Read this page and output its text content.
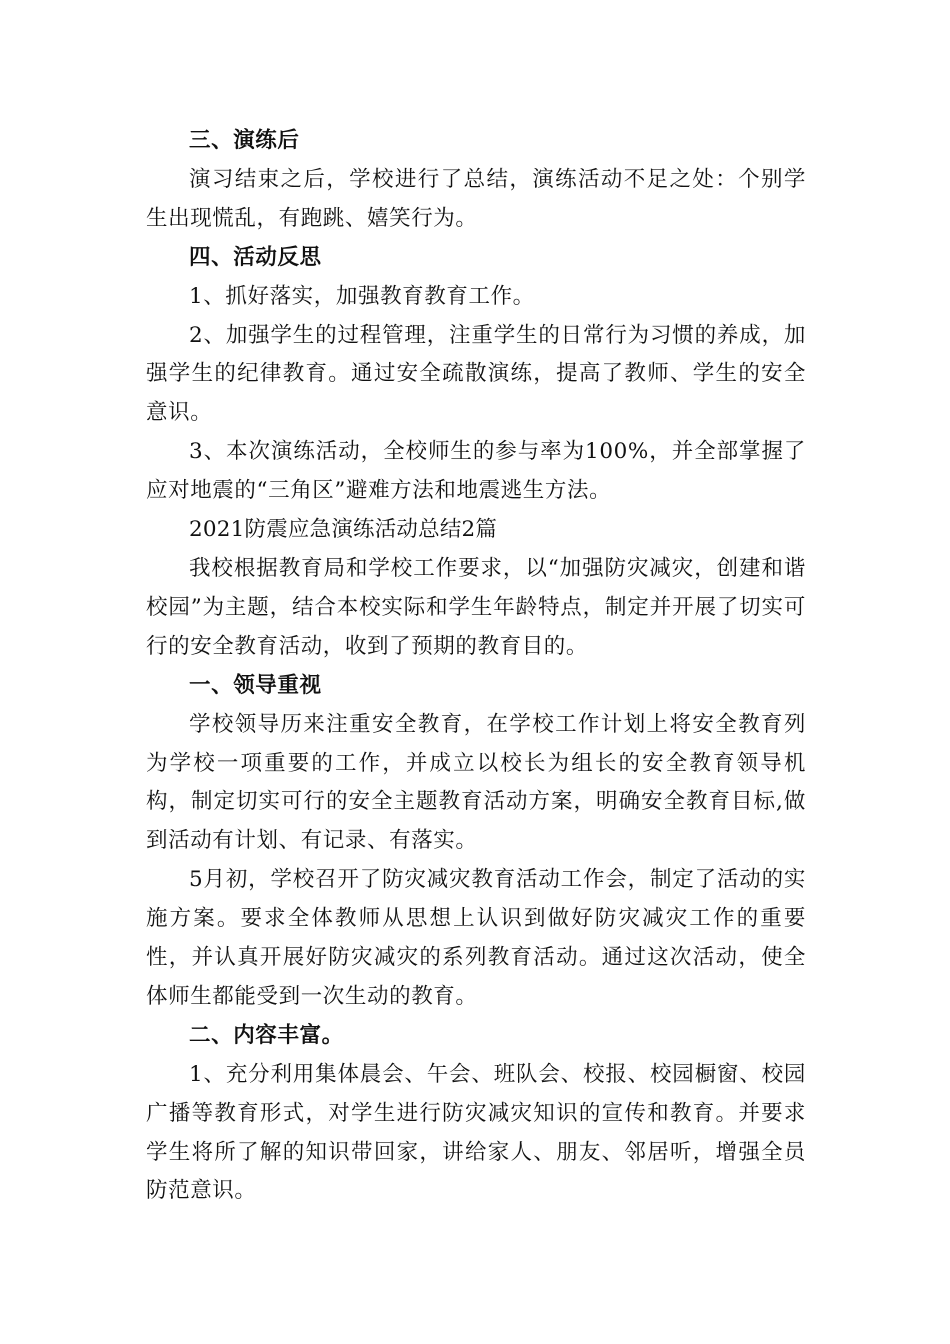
三、演练后

演习结束之后，学校进行了总结，演练活动不足之处：个别学生出现慌乱，有跑跳、嬉笑行为。

四、活动反思

1、抓好落实，加强教育教育工作。

2、加强学生的过程管理，注重学生的日常行为习惯的养成，加强学生的纪律教育。通过安全疏散演练，提高了教师、学生的安全意识。

3、本次演练活动，全校师生的参与率为100%，并全部掌握了应对地震的“三角区”避难方法和地震逃生方法。

2021防震应急演练活动总结2篇

我校根据教育局和学校工作要求，以“加强防灾减灾，创建和谐校园”为主题，结合本校实际和学生年龄特点，制定并开展了切实可行的安全教育活动，收到了预期的教育目的。

一、领导重视

学校领导历来注重安全教育，在学校工作计划上将安全教育列为学校一项重要的工作，并成立以校长为组长的安全教育领导机构，制定切实可行的安全主题教育活动方案，明确安全教育目标,做到活动有计划、有记录、有落实。

5月初，学校召开了防灾减灾教育活动工作会，制定了活动的实施方案。要求全体教师从思想上认识到做好防灾减灾工作的重要性，并认真开展好防灾减灾的系列教育活动。通过这次活动，使全体师生都能受到一次生动的教育。

二、内容丰富。

1、充分利用集体晨会、午会、班队会、校报、校园橱窗、校园广播等教育形式，对学生进行防灾减灾知识的宣传和教育。并要求学生将所了解的知识带回家，讲给家人、朋友、邻居听，增强全员防范意识。
